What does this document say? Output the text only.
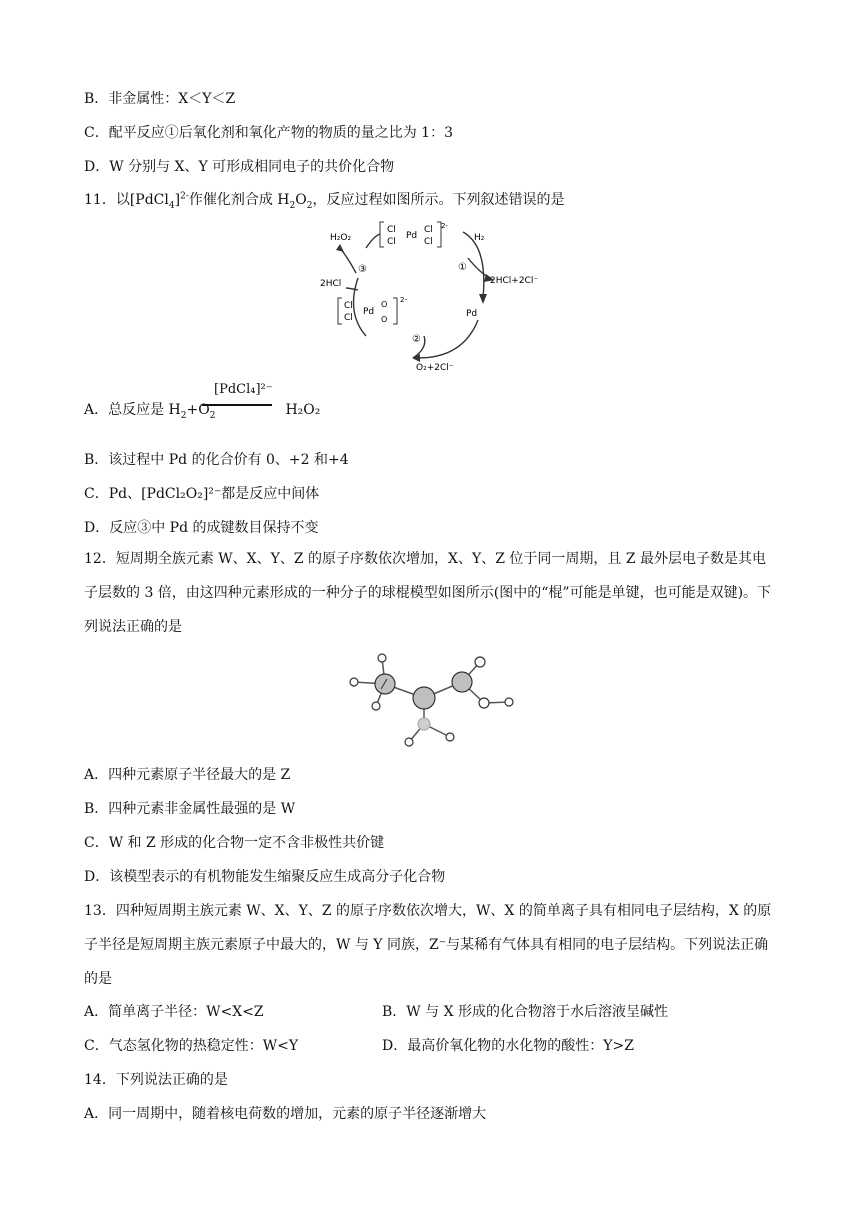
B．非金属性：X＜Y＜Z
C．配平反应①后氧化剂和氧化产物的物质的量之比为 1：3
D．W 分别与 X、Y 可形成相同电子的共价化合物
11．以[PdCl$_4$]$^{2-}$作催化剂合成 $H_2O_2$，反应过程如图所示。下列叙述错误的是
Cl
Cl
Pd
Cl
Cl
2-
Cl
Cl
Pd
O
O
2-
H₂O₂
2HCl
H₂
2HCl+2Cl⁻
Pd
O₂+2Cl⁻
①
②
③
A．总反应是 $H_2+O_2$	H₂O₂
[PdCl₄]²⁻
B．该过程中 Pd 的化合价有 0、+2 和+4
C．Pd、[PdCl₂O₂]²⁻都是反应中间体
D．反应③中 Pd 的成键数目保持不变
12．短周期全族元素 W、X、Y、Z 的原子序数依次增加，X、Y、Z 位于同一周期，且 Z 最外层电子数是其电子层数的 3 倍，由这四种元素形成的一种分子的球棍模型如图所示(图中的“棍”可能是单键，也可能是双键)。下列说法正确的是
A．四种元素原子半径最大的是 Z
B．四种元素非金属性最强的是 W
C．W 和 Z 形成的化合物一定不含非极性共价键
D．该模型表示的有机物能发生缩聚反应生成高分子化合物
13．四种短周期主族元素 W、X、Y、Z 的原子序数依次增大，W、X 的简单离子具有相同电子层结构，X 的原子半径是短周期主族元素原子中最大的，W 与 Y 同族，Z⁻与某稀有气体具有相同的电子层结构。下列说法正确的是
A．简单离子半径：W<X<Z	B．W 与 X 形成的化合物溶于水后溶液呈碱性
C．气态氢化物的热稳定性：W<Y	D．最高价氧化物的水化物的酸性：Y>Z
14．下列说法正确的是
A．同一周期中，随着核电荷数的增加，元素的原子半径逐渐增大
